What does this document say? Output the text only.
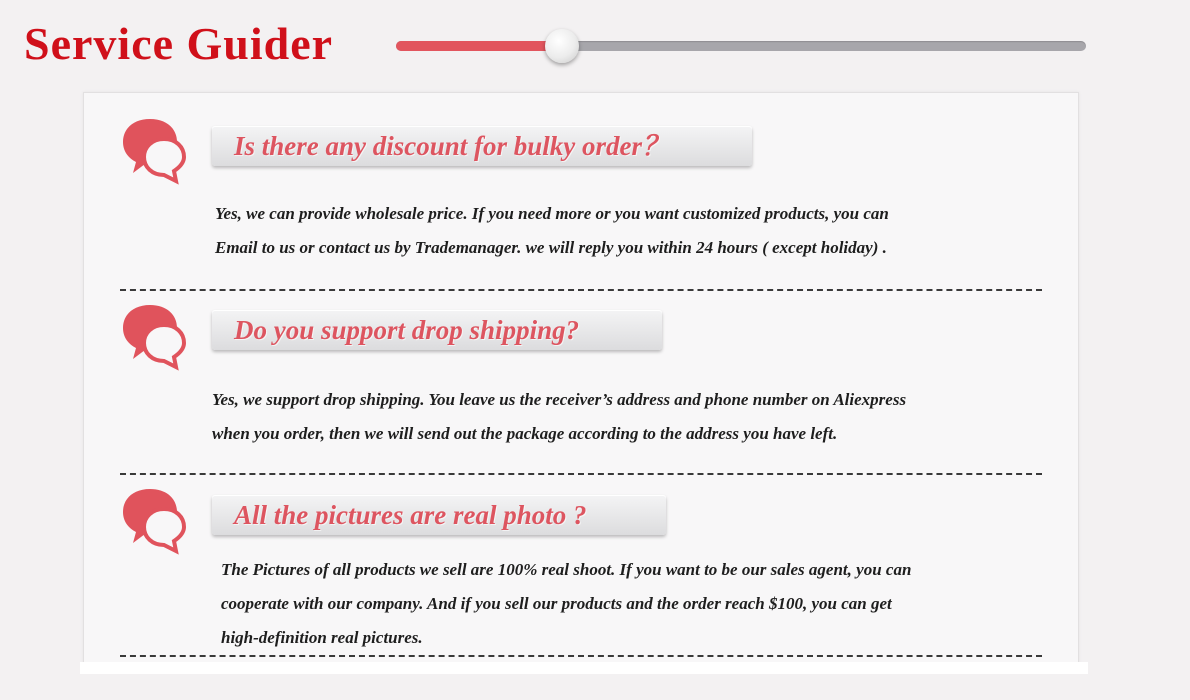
Service Guider
Is there any discount for bulky order？
Yes, we can provide wholesale price. If you need more or you want customized products, you can
Email to us or contact us by Trademanager. we will reply you within 24 hours ( except holiday) .
Do you support drop shipping?
Yes, we support drop shipping. You leave us the receiver’s address and phone number on Aliexpress
when you order, then we will send out the package according to the address you have left.
All the pictures are real photo ?
The Pictures of all products we sell are 100% real shoot. If you want to be our sales agent, you can
cooperate with our company. And if you sell our products and the order reach $100, you can get
high-definition real pictures.
